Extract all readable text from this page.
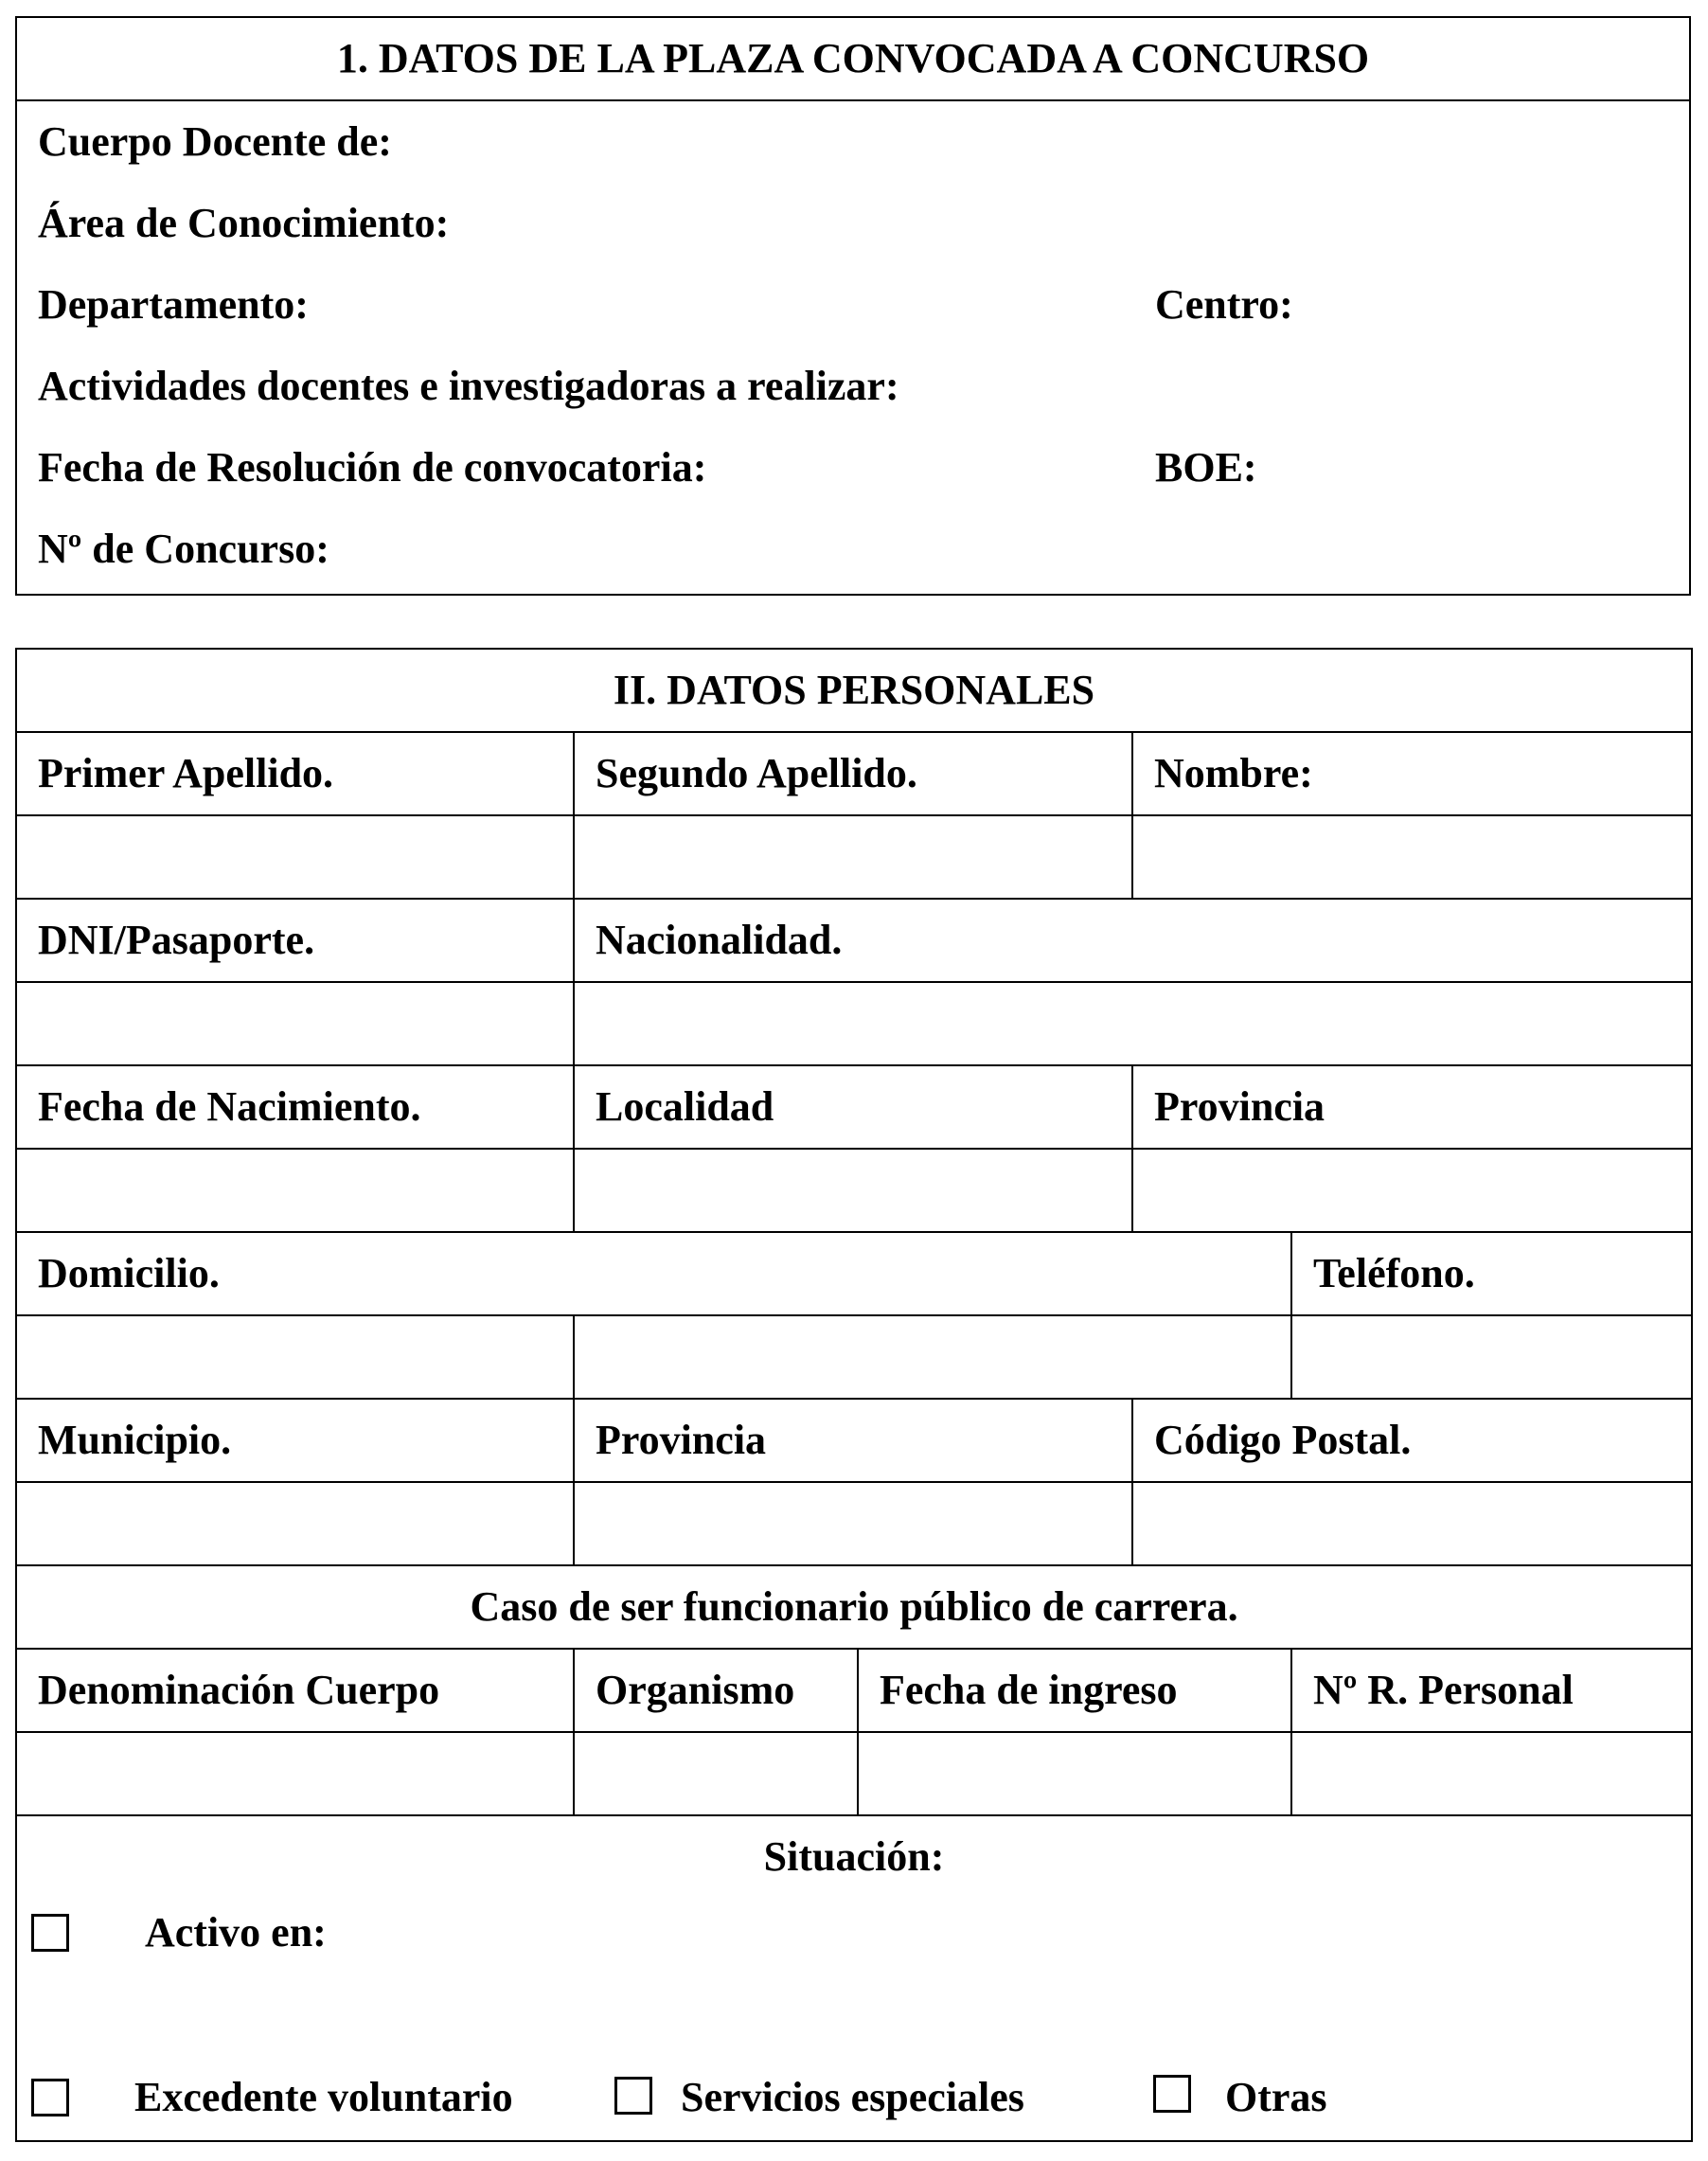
1. DATOS DE LA PLAZA CONVOCADA A CONCURSO

Cuerpo Docente de:
Área de Conocimiento:
Departamento:	Centro:
Actividades docentes e investigadoras a realizar:
Fecha de Resolución de convocatoria:	BOE:
Nº de Concurso:
II. DATOS PERSONALES				
Primer Apellido.	Segundo Apellido.		Nombre:	

DNI/Pasaporte.	Nacionalidad.			

Fecha de Nacimiento.	Localidad		Provincia	

Domicilio.				Teléfono.

Municipio.	Provincia		Código Postal.	

Caso de ser funcionario público de carrera.				
Denominación Cuerpo	Organismo	Fecha de ingreso		Nº R. Personal

Situación:
Activo en:
Excedente voluntario Servicios especiales Otras				
